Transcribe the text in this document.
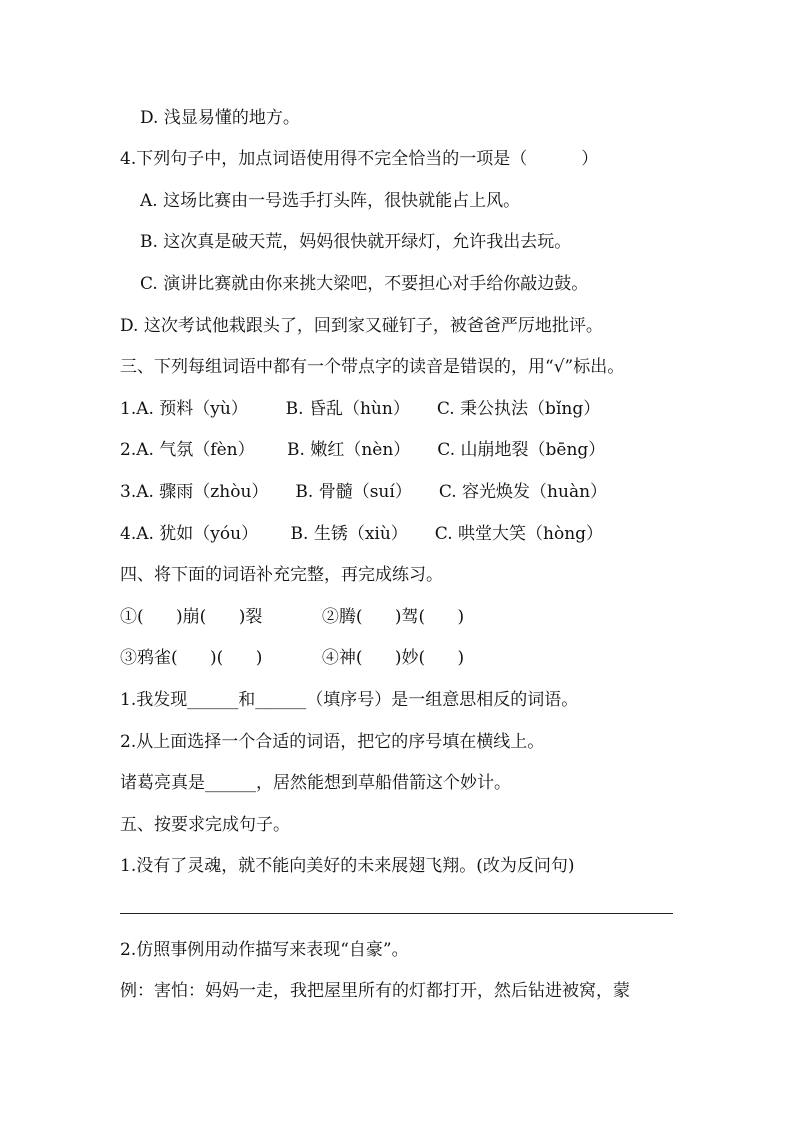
D. 浅显易懂的地方。
4.下列句子中，加点词语使用得不完全恰当的一项是（          ）
A. 这场比赛由一号选手打头阵，很快就能占上风。
B. 这次真是破天荒，妈妈很快就开绿灯，允许我出去玩。
C. 演讲比赛就由你来挑大梁吧，不要担心对手给你敲边鼓。
D. 这次考试他栽跟头了，回到家又碰钉子，被爸爸严厉地批评。
三、下列每组词语中都有一个带点字的读音是错误的，用“√”标出。
1.A. 预料（yù）       B. 昏乱（hùn）     C. 秉公执法（bǐng）
2.A. 气氛（fèn）      B. 嫩红（nèn）     C. 山崩地裂（bēng）
3.A. 骤雨（zhòu）     B. 骨髓（suí）     C. 容光焕发（huàn）
4.A. 犹如（yóu）      B. 生锈（xiù）     C. 哄堂大笑（hòng）
四、将下面的词语补充完整，再完成练习。
①(      )崩(      )裂           ②腾(      )驾(      )
③鸦雀(      )(      )           ④神(      )妙(      )
1.我发现______和______（填序号）是一组意思相反的词语。
2.从上面选择一个合适的词语，把它的序号填在横线上。
诸葛亮真是______，居然能想到草船借箭这个妙计。
五、按要求完成句子。
1.没有了灵魂，就不能向美好的未来展翅飞翔。(改为反问句)
2.仿照事例用动作描写来表现“自豪”。
例：害怕：妈妈一走，我把屋里所有的灯都打开，然后钻进被窝，蒙
